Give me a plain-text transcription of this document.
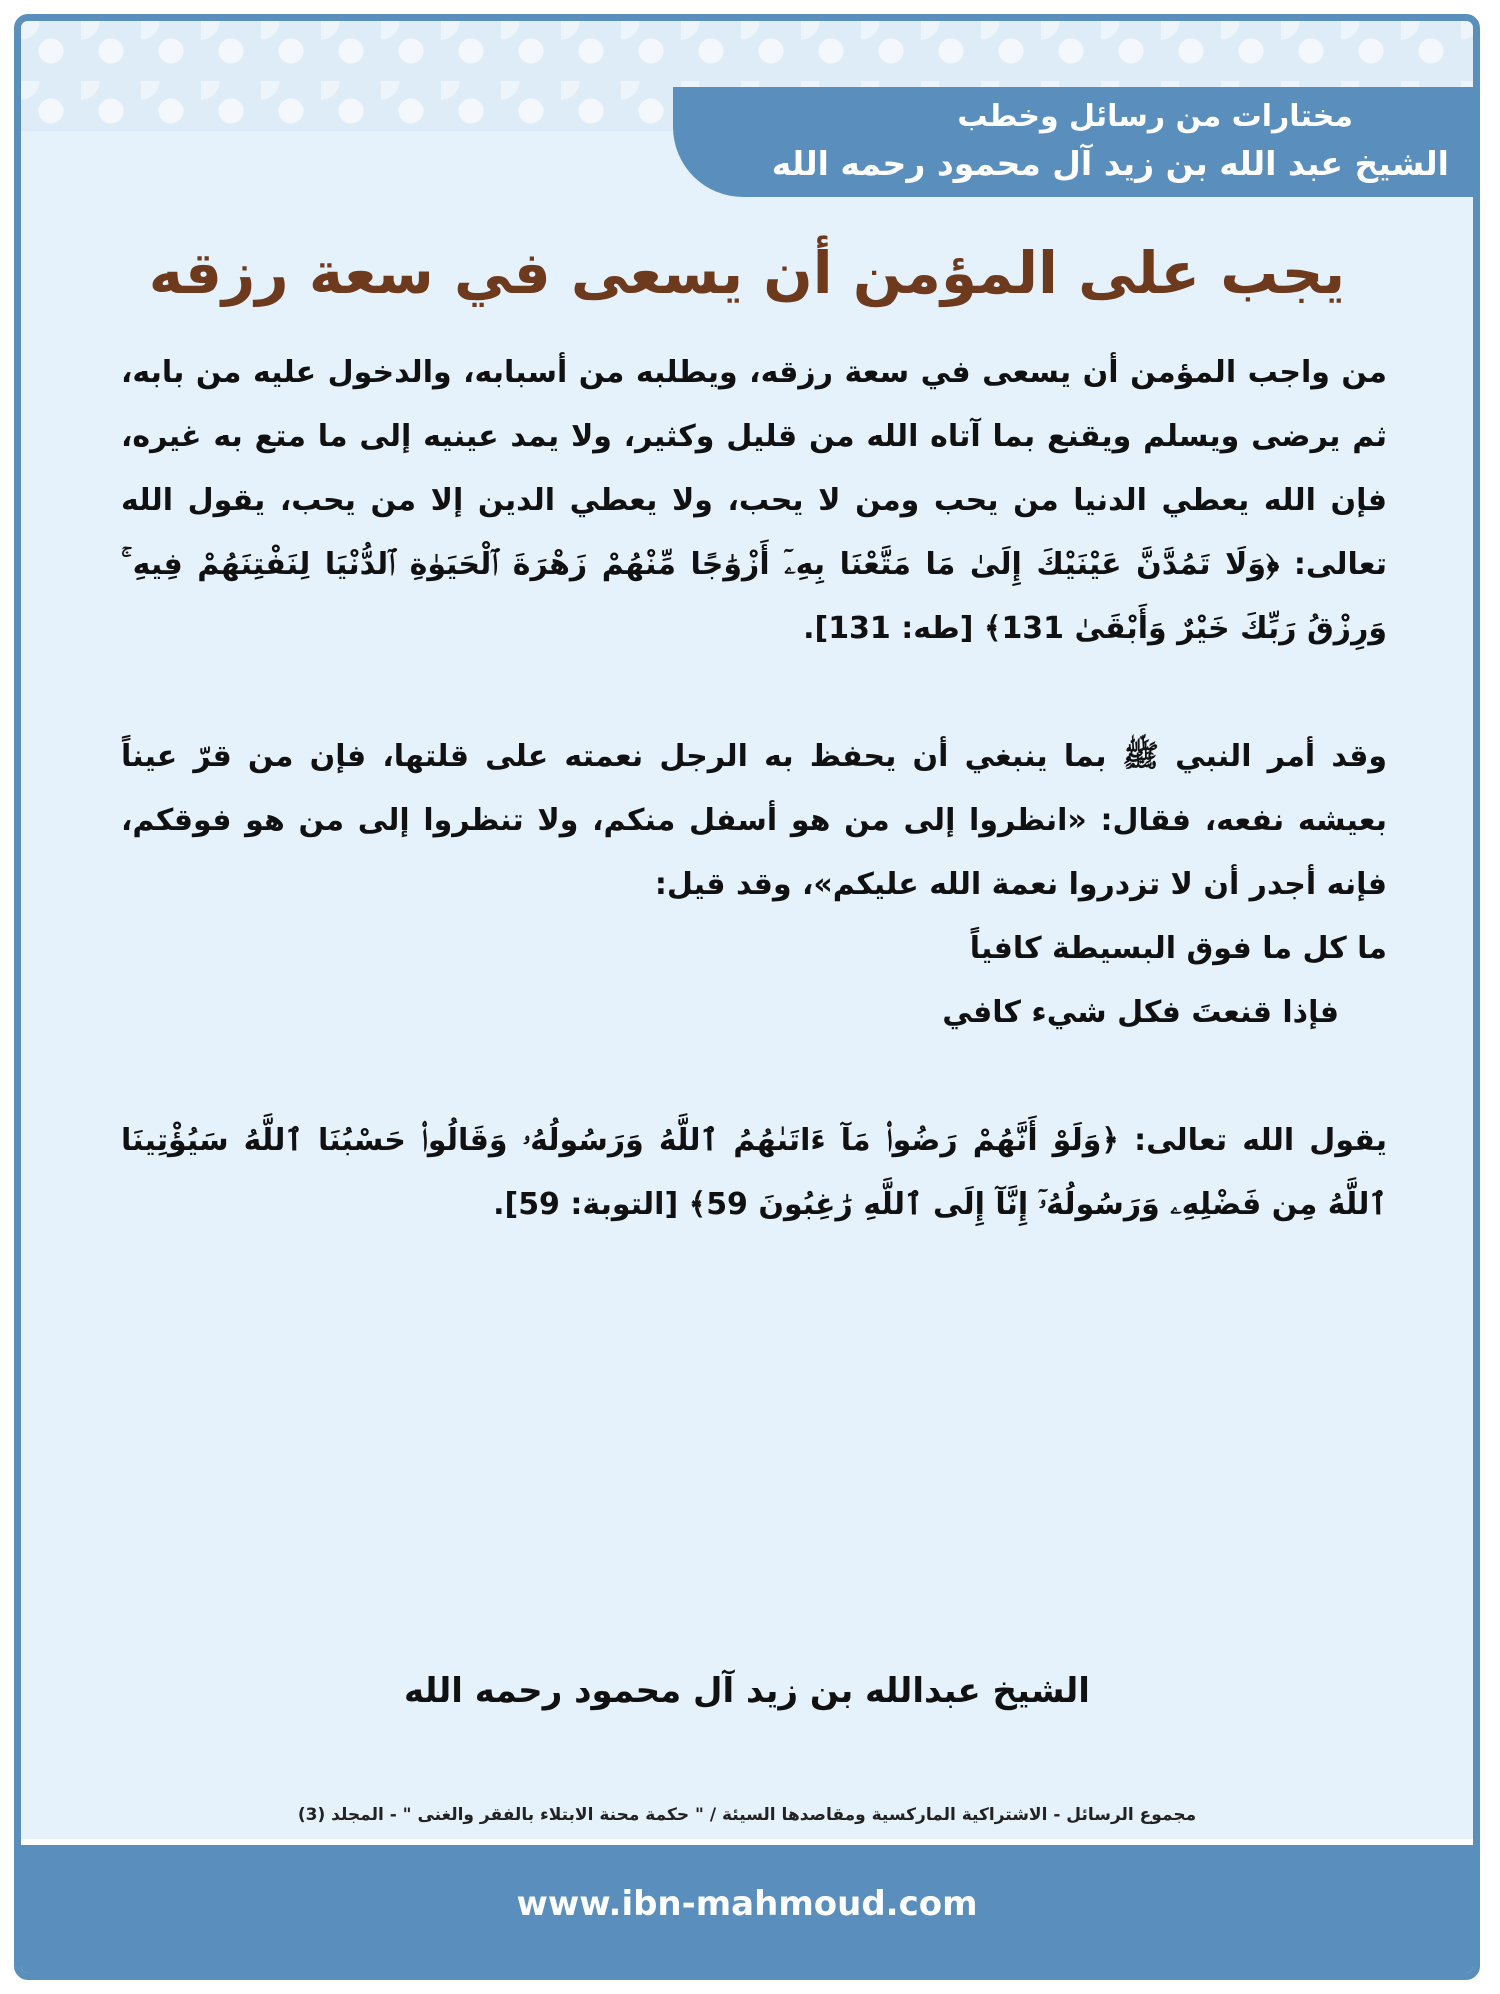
مختارات من رسائل وخطب
الشيخ عبد الله بن زيد آل محمود رحمه الله
يجب على المؤمن أن يسعى في سعة رزقه

من واجب المؤمن أن يسعى في سعة رزقه، ويطلبه من أسبابه، والدخول عليه من بابه، ثم يرضى ويسلم ويقنع بما آتاه الله من قليل وكثير، ولا يمد عينيه إلى ما متع به غيره، فإن الله يعطي الدنيا من يحب ومن لا يحب، ولا يعطي الدين إلا من يحب، يقول الله تعالى: ﴿وَلَا تَمُدَّنَّ عَيْنَيْكَ إِلَىٰ مَا مَتَّعْنَا بِهِۦٓ أَزْوَٰجًا مِّنْهُمْ زَهْرَةَ ٱلْحَيَوٰةِ ٱلدُّنْيَا لِنَفْتِنَهُمْ فِيهِ ۚ وَرِزْقُ رَبِّكَ خَيْرٌ وَأَبْقَىٰ 131﴾ [طه: 131].

وقد أمر النبي ﷺ بما ينبغي أن يحفظ به الرجل نعمته على قلتها، فإن من قرّ عيناً بعيشه نفعه، فقال: «انظروا إلى من هو أسفل منكم، ولا تنظروا إلى من هو فوقكم، فإنه أجدر أن لا تزدروا نعمة الله عليكم»، وقد قيل:

ما كل ما فوق البسيطة كافياً

فإذا قنعتَ فكل شيء كافي

يقول الله تعالى: ﴿وَلَوْ أَنَّهُمْ رَضُوا۟ مَآ ءَاتَىٰهُمُ ٱللَّهُ وَرَسُولُهُۥ وَقَالُوا۟ حَسْبُنَا ٱللَّهُ سَيُؤْتِينَا ٱللَّهُ مِن فَضْلِهِۦ وَرَسُولُهُۥٓ إِنَّآ إِلَى ٱللَّهِ رَٰغِبُونَ 59﴾ [التوبة: 59].

الشيخ عبدالله بن زيد آل محمود رحمه الله
مجموع الرسائل - الاشتراكية الماركسية ومقاصدها السيئة / " حكمة محنة الابتلاء بالفقر والغنى " - المجلد (3)
www.ibn-mahmoud.com
